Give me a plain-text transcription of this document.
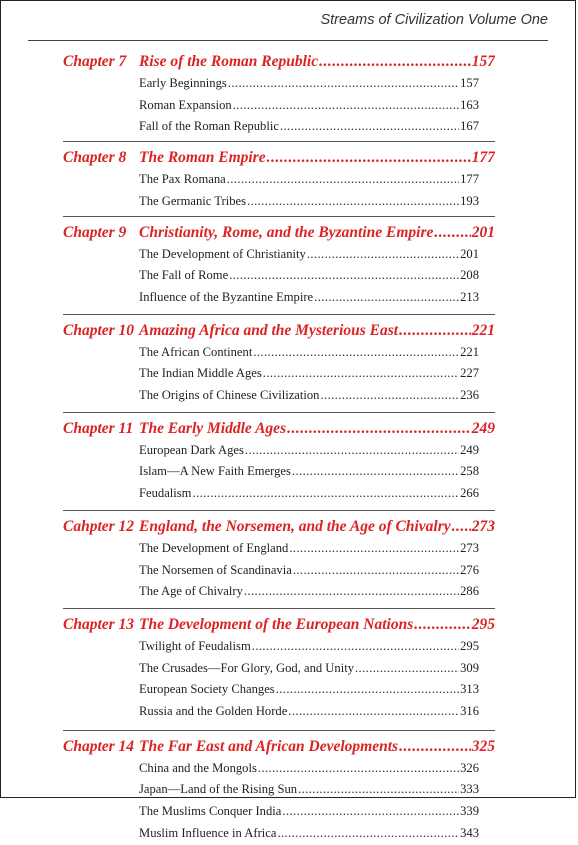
Streams of Civilization Volume One
Chapter 7 Rise of the Roman Republic .....	157
Early Beginnings .....	157
Roman Expansion .....	163
Fall of the Roman Republic .....	167
Chapter 8 The Roman Empire .....	177
The Pax Romana .....	177
The Germanic Tribes .....	193
Chapter 9 Christianity, Rome, and the Byzantine Empire ..... 201
The Development of Christianity .....	201
The Fall of Rome .....	208
Influence of the Byzantine Empire .....	213
Chapter 10 Amazing Africa and the Mysterious East .....	221
The African Continent .....	221
The Indian Middle Ages .....	227
The Origins of Chinese Civilization .....	236
Chapter 11 The Early Middle Ages .....	249
European Dark Ages .....	249
Islam—A New Faith Emerges .....	258
Feudalism .....	266
Cahpter 12 England, the Norsemen, and the Age of Chivalry ..... 273
The Development of England .....	273
The Norsemen of Scandinavia .....	276
The Age of Chivalry .....	286
Chapter 13 The Development of the European Nations .....	295
Twilight of Feudalism .....	295
The Crusades—For Glory, God, and Unity .....	309
European Society Changes .....	313
Russia and the Golden Horde .....	316
Chapter 14 The Far East and African Developments .....	325
China and the Mongols .....	326
Japan—Land of the Rising Sun .....	333
The Muslims Conquer India .....	339
Muslim Influence in Africa .....	343
